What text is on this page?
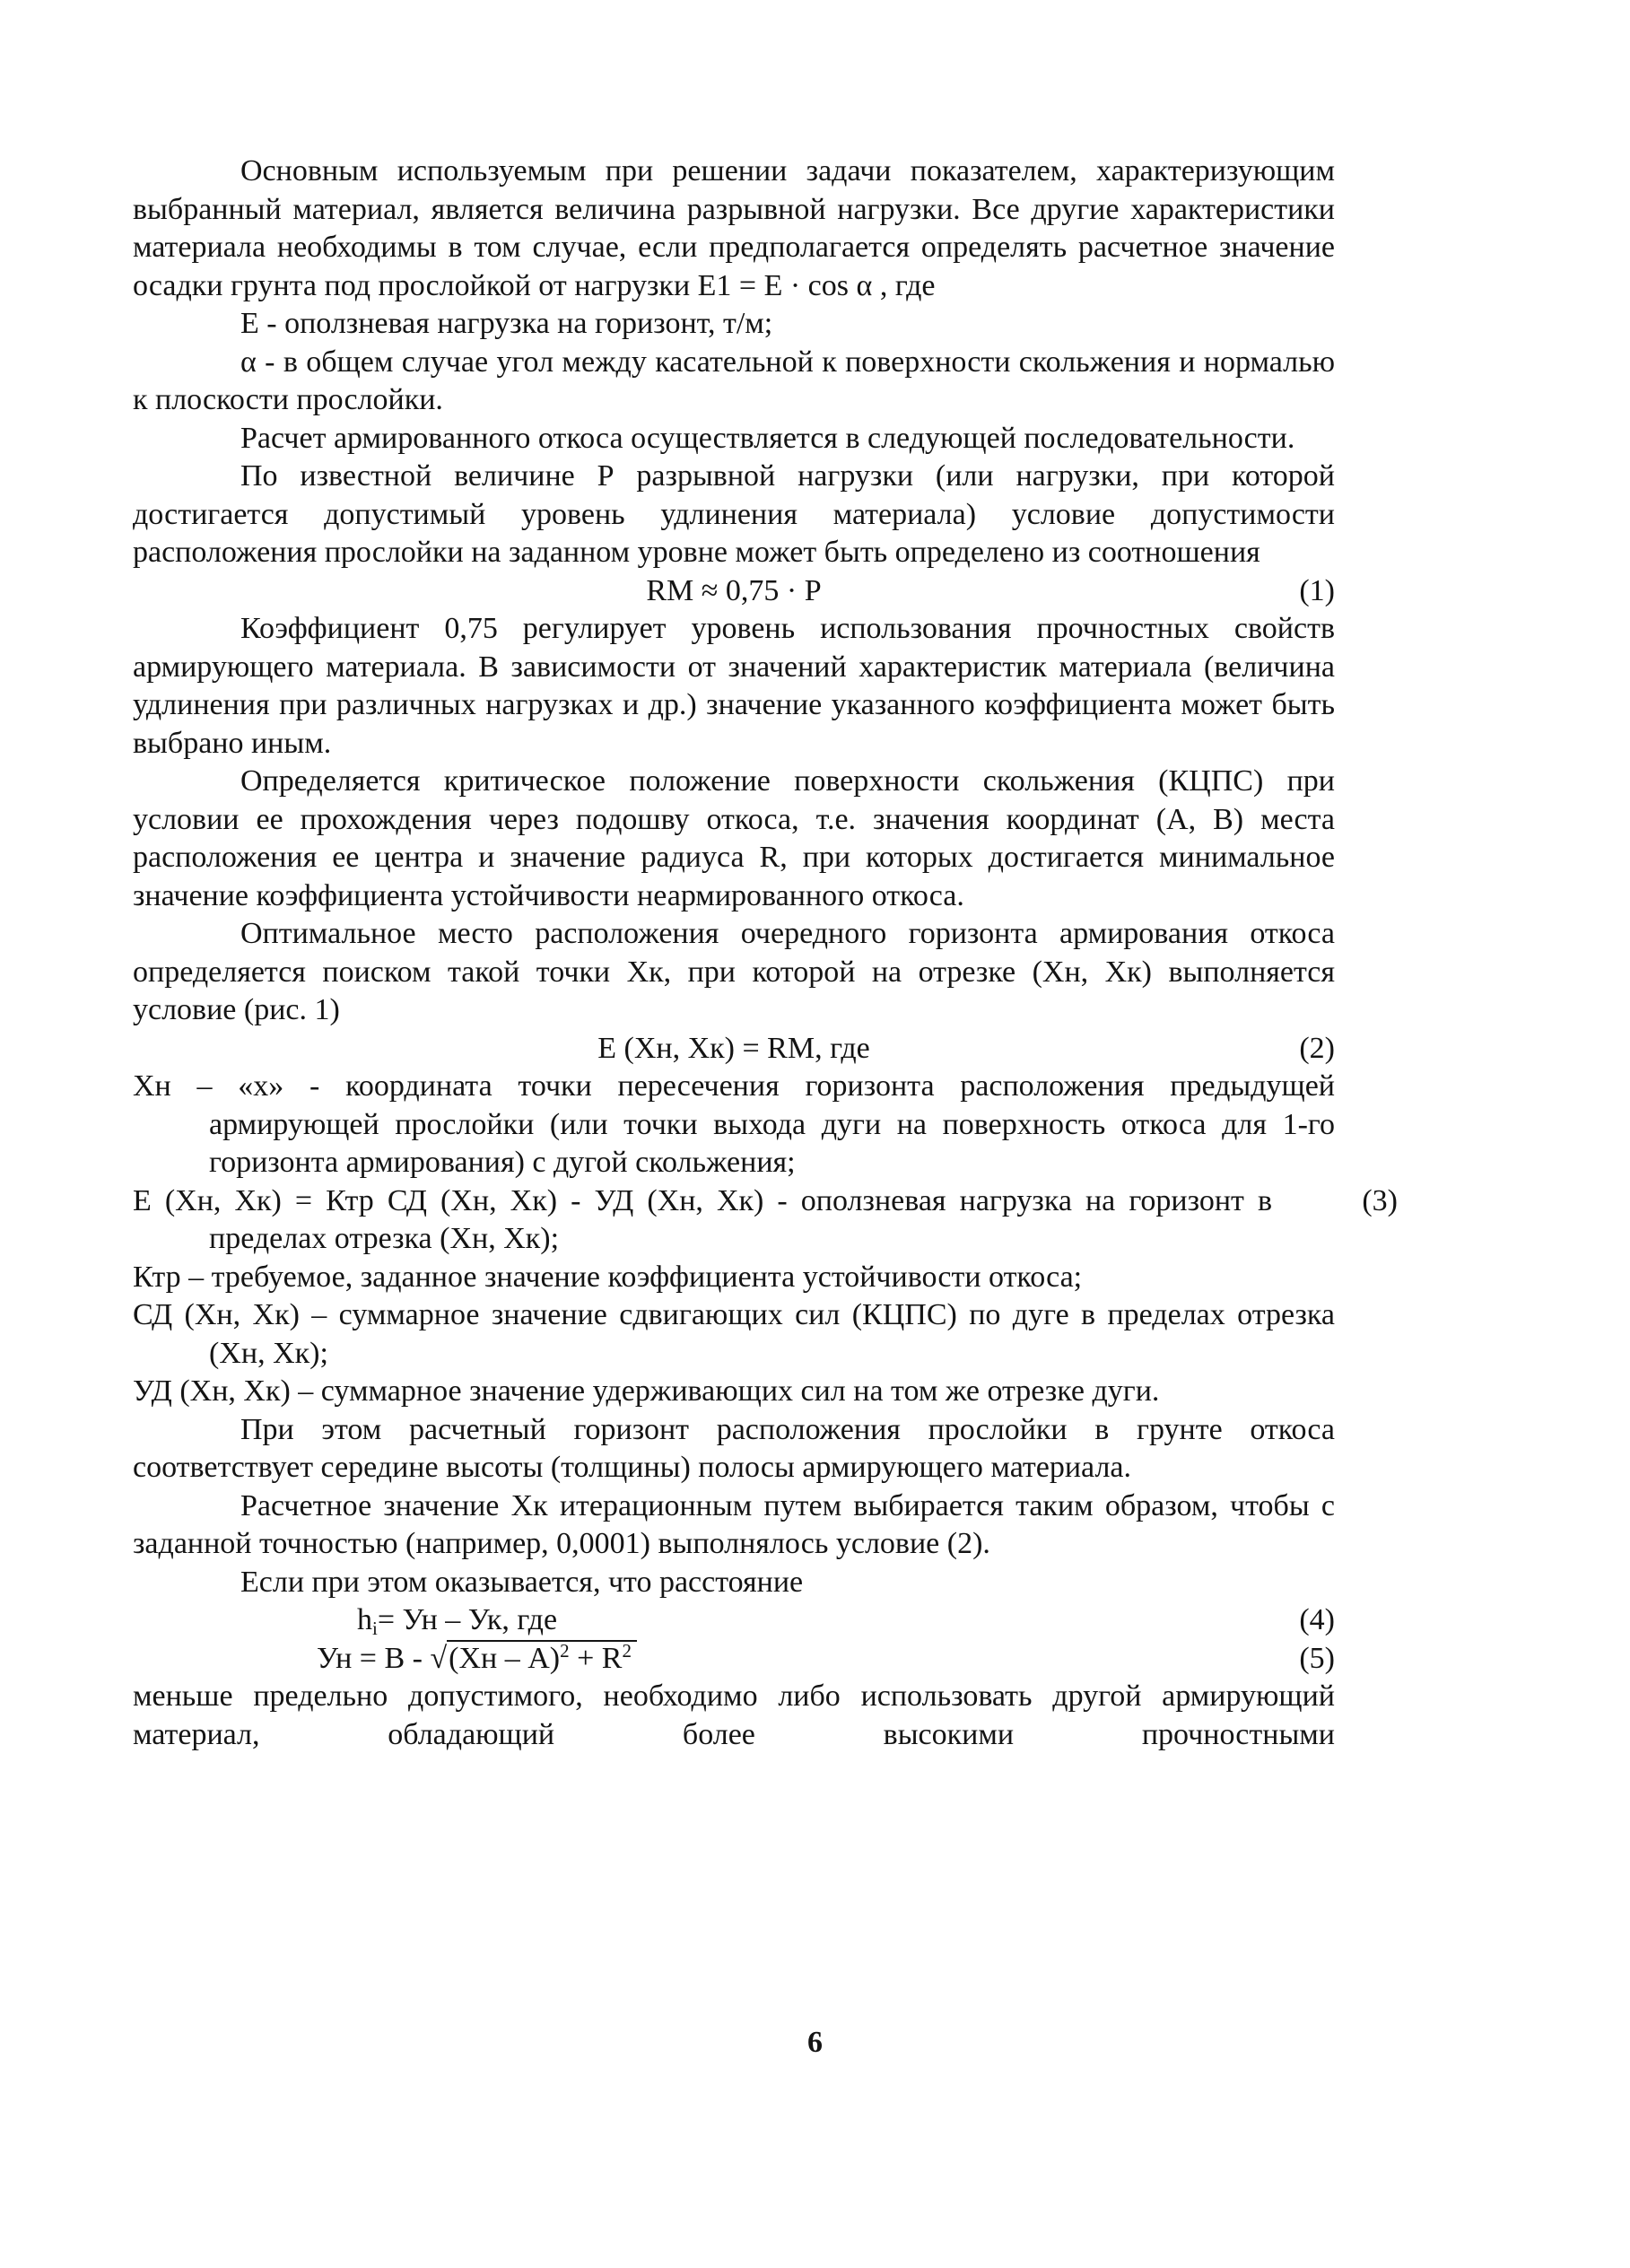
Основным используемым при решении задачи показателем, характеризующим выбранный материал, является величина разрывной нагрузки. Все другие характеристики материала необходимы в том случае, если предполагается определять расчетное значение осадки грунта под прослойкой от нагрузки Е1 = Е · cos α , где

Е - оползневая нагрузка на горизонт, т/м;

α - в общем случае угол между касательной к поверхности скольжения и нормалью к плоскости прослойки.

Расчет армированного откоса осуществляется в следующей последовательности.

По известной величине Р разрывной нагрузки (или нагрузки, при которой достигается допустимый уровень удлинения материала) условие допустимости расположения прослойки на заданном уровне может быть определено из соотношения

RM ≈ 0,75 · P	(1)

Коэффициент 0,75 регулирует уровень использования прочностных свойств армирующего материала. В зависимости от значений характеристик материала (величина удлинения при различных нагрузках и др.) значение указанного коэффициента может быть выбрано иным.

Определяется критическое положение поверхности скольжения (КЦПС) при условии ее прохождения через подошву откоса, т.е. значения координат (А, В) места расположения ее центра и значение радиуса R, при которых достигается минимальное значение коэффициента устойчивости неармированного откоса.

Оптимальное место расположения очередного горизонта армирования откоса определяется поиском такой точки Хк, при которой на отрезке (Хн, Хк) выполняется условие (рис. 1)

Е (Хн, Хк) = RM, где	(2)

Хн – «х» - координата точки пересечения горизонта расположения предыдущей армирующей прослойки (или точки выхода дуги на поверхность откоса для 1-го горизонта армирования) с дугой скольжения;

Е (Хн, Хк) = Ктр СД (Хн, Хк) - УД (Хн, Хк) - оползневая нагрузка на горизонт в пределах отрезка (Хн, Хк);

(3)

Ктр – требуемое, заданное значение коэффициента устойчивости откоса;

СД (Хн, Хк) – суммарное значение сдвигающих сил (КЦПС) по дуге в пределах отрезка (Хн, Хк);

УД (Хн, Хк) – суммарное значение удерживающих сил на том же отрезке дуги.

При этом расчетный горизонт расположения прослойки в грунте откоса соответствует середине высоты (толщины) полосы армирующего материала.

Расчетное значение Хк итерационным путем выбирается таким образом, чтобы с заданной точностью (например, 0,0001) выполнялось условие (2).

Если при этом оказывается, что расстояние

$h_i=$ Ун – Ук, где	(4)
Ун = $В - √(Хн - А)^2 + R^2$	(5)

меньше предельно допустимого, необходимо либо использовать другой армирующий материал, обладающий более высокими прочностными

6
